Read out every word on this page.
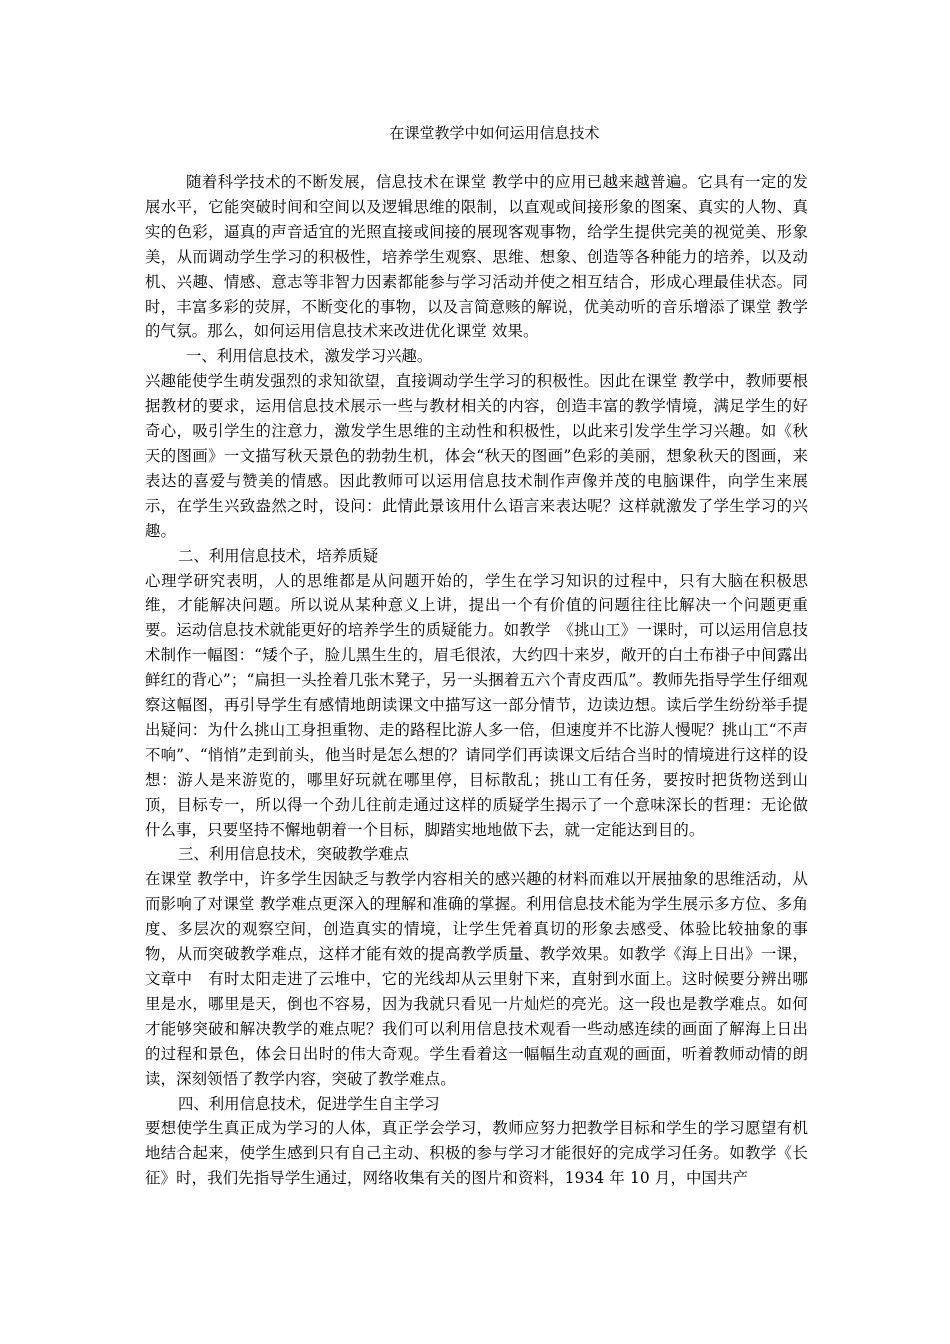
在课堂教学中如何运用信息技术

随着科学技术的不断发展，信息技术在课堂 教学中的应用已越来越普遍。它具有一定的发展水平，它能突破时间和空间以及逻辑思维的限制，以直观或间接形象的图案、真实的人物、真实的色彩，逼真的声音适宜的光照直接或间接的展现客观事物，给学生提供完美的视觉美、形象美，从而调动学生学习的积极性，培养学生观察、思维、想象、创造等各种能力的培养，以及动机、兴趣、情感、意志等非智力因素都能参与学习活动并使之相互结合，形成心理最佳状态。同时，丰富多彩的荧屏，不断变化的事物，以及言简意赅的解说，优美动听的音乐增添了课堂 教学的气氛。那么，如何运用信息技术来改进优化课堂 效果。

一、利用信息技术，激发学习兴趣。

兴趣能使学生萌发强烈的求知欲望，直接调动学生学习的积极性。因此在课堂 教学中，教师要根据教材的要求，运用信息技术展示一些与教材相关的内容，创造丰富的教学情境，满足学生的好奇心，吸引学生的注意力，激发学生思维的主动性和积极性，以此来引发学生学习兴趣。如《秋天的图画》一文描写秋天景色的勃勃生机，体会“秋天的图画”色彩的美丽，想象秋天的图画，来表达的喜爱与赞美的情感。因此教师可以运用信息技术制作声像并茂的电脑课件，向学生来展示，在学生兴致盎然之时，设问：此情此景该用什么语言来表达呢？这样就激发了学生学习的兴趣。

二、利用信息技术，培养质疑

心理学研究表明，人的思维都是从问题开始的，学生在学习知识的过程中，只有大脑在积极思维，才能解决问题。所以说从某种意义上讲，提出一个有价值的问题往往比解决一个问题更重要。运动信息技术就能更好的培养学生的质疑能力。如教学　《挑山工》一课时，可以运用信息技术制作一幅图：“矮个子，脸儿黑生生的，眉毛很浓，大约四十来岁，敞开的白土布褂子中间露出鲜红的背心”；“扁担一头拴着几张木凳子，另一头捆着五六个青皮西瓜”。教师先指导学生仔细观察这幅图，再引导学生有感情地朗读课文中描写这一部分情节，边读边想。读后学生纷纷举手提出疑问：为什么挑山工身担重物、走的路程比游人多一倍，但速度并不比游人慢呢？挑山工“不声不响”、“悄悄”走到前头，他当时是怎么想的？请同学们再读课文后结合当时的情境进行这样的设想：游人是来游览的，哪里好玩就在哪里停，目标散乱；挑山工有任务，要按时把货物送到山顶，目标专一，所以得一个劲儿往前走通过这样的质疑学生揭示了一个意味深长的哲理：无论做什么事，只要坚持不懈地朝着一个目标，脚踏实地地做下去，就一定能达到目的。

三、利用信息技术，突破教学难点

在课堂 教学中，许多学生因缺乏与教学内容相关的感兴趣的材料而难以开展抽象的思维活动，从而影响了对课堂 教学难点更深入的理解和准确的掌握。利用信息技术能为学生展示多方位、多角度、多层次的观察空间，创造真实的情境，让学生凭着真切的形象去感受、体验比较抽象的事物，从而突破教学难点，这样才能有效的提高教学质量、教学效果。如教学《海上日出》一课，文章中　有时太阳走进了云堆中，它的光线却从云里射下来，直射到水面上。这时候要分辨出哪里是水，哪里是天，倒也不容易，因为我就只看见一片灿烂的亮光。这一段也是教学难点。如何才能够突破和解决教学的难点呢？我们可以利用信息技术观看一些动感连续的画面了解海上日出的过程和景色，体会日出时的伟大奇观。学生看着这一幅幅生动直观的画面，听着教师动情的朗读，深刻领悟了教学内容，突破了教学难点。

四、利用信息技术，促进学生自主学习

要想使学生真正成为学习的人体，真正学会学习，教师应努力把教学目标和学生的学习愿望有机地结合起来，使学生感到只有自己主动、积极的参与学习才能很好的完成学习任务。如教学《长征》时，我们先指导学生通过，网络收集有关的图片和资料，1934 年 10 月，中国共产
